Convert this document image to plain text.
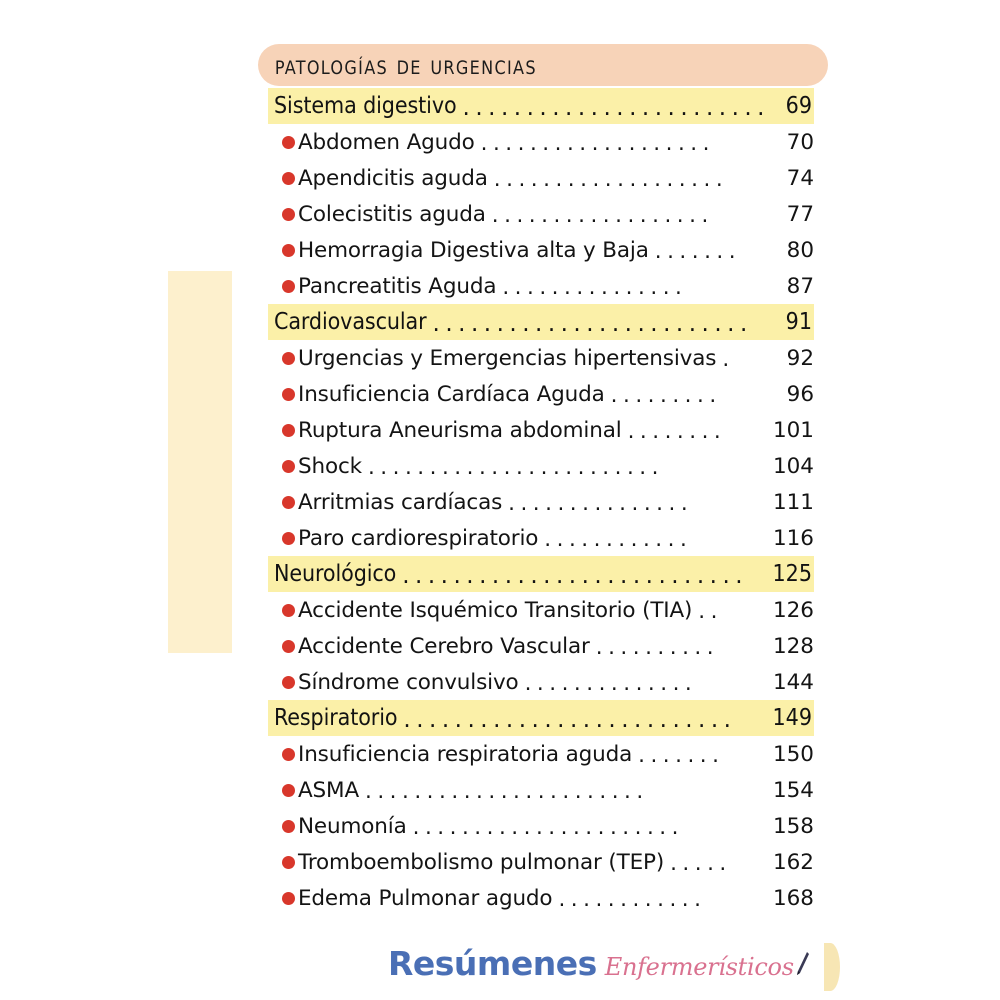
patologías de urgencias
Sistema digestivo ........................ 69
Abdomen Agudo ...................	70
Apendicitis aguda ...................	74
Colecistitis aguda ..................	77
Hemorragia Digestiva alta y Baja .......	80
Pancreatitis Aguda ...............	87
Cardiovascular .........................	91
Urgencias y Emergencias hipertensivas .	92
Insuficiencia Cardíaca Aguda .........	96
Ruptura Aneurisma abdominal ........	101
Shock ........................	104
Arritmias cardíacas ...............	111
Paro cardiorespiratorio ............	116
Neurológico ...........................	125
Accidente Isquémico Transitorio (TIA) ..	126
Accidente Cerebro Vascular ..........	128
Síndrome convulsivo ..............	144
Respiratorio ..........................	149
Insuficiencia respiratoria aguda .......	150
ASMA .......................	154
Neumonía ......................	158
Tromboembolismo pulmonar (TEP) .....	162
Edema Pulmonar agudo ............	168
Resúmenes Enfermerísticos
